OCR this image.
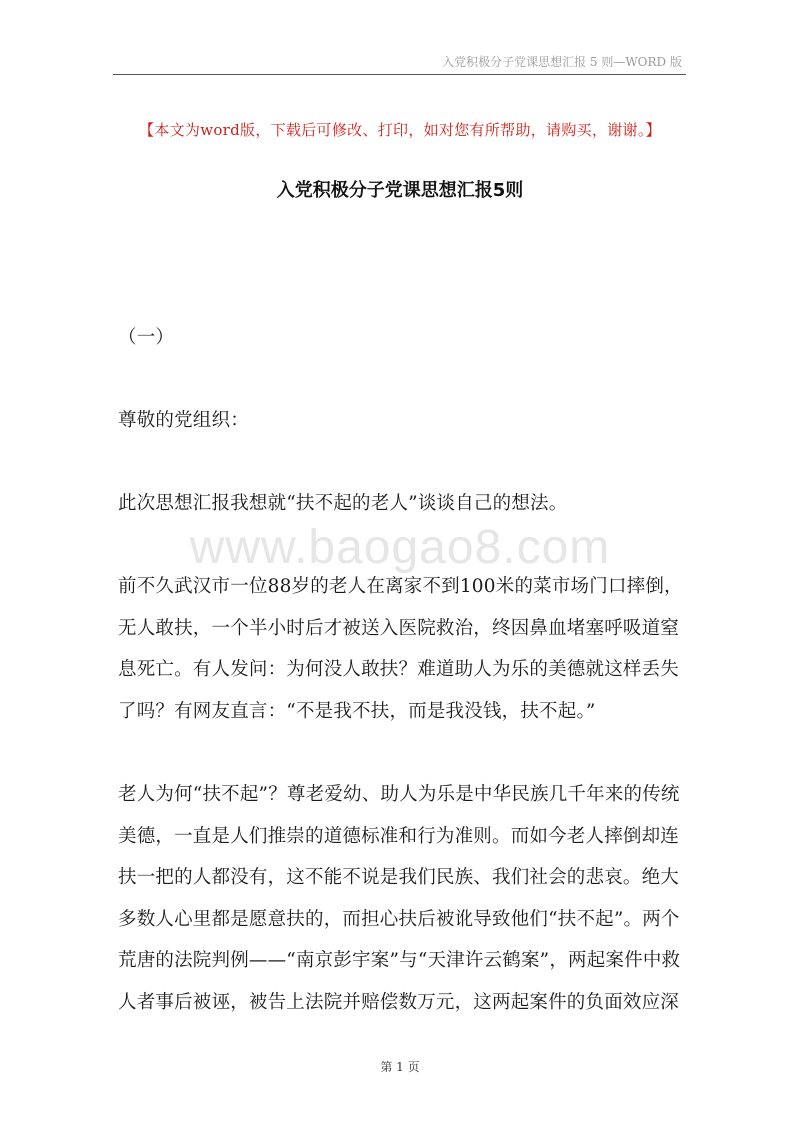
入党积极分子党课思想汇报 5 则—WORD 版
【本文为word版，下载后可修改、打印，如对您有所帮助，请购买，谢谢。】
入党积极分子党课思想汇报5则
www.baogao8.com
（一）
尊敬的党组织：
此次思想汇报我想就“扶不起的老人”谈谈自己的想法。
前不久武汉市一位88岁的老人在离家不到100米的菜市场门口摔倒，
无人敢扶，一个半小时后才被送入医院救治，终因鼻血堵塞呼吸道窒
息死亡。有人发问：为何没人敢扶？难道助人为乐的美德就这样丢失
了吗？有网友直言：“不是我不扶，而是我没钱，扶不起。”
老人为何“扶不起”？尊老爱幼、助人为乐是中华民族几千年来的传统
美德，一直是人们推崇的道德标准和行为准则。而如今老人摔倒却连
扶一把的人都没有，这不能不说是我们民族、我们社会的悲哀。绝大
多数人心里都是愿意扶的，而担心扶后被讹导致他们“扶不起”。两个
荒唐的法院判例——“南京彭宇案”与“天津许云鹤案”，两起案件中救
人者事后被诬，被告上法院并赔偿数万元，这两起案件的负面效应深
第 1 页
